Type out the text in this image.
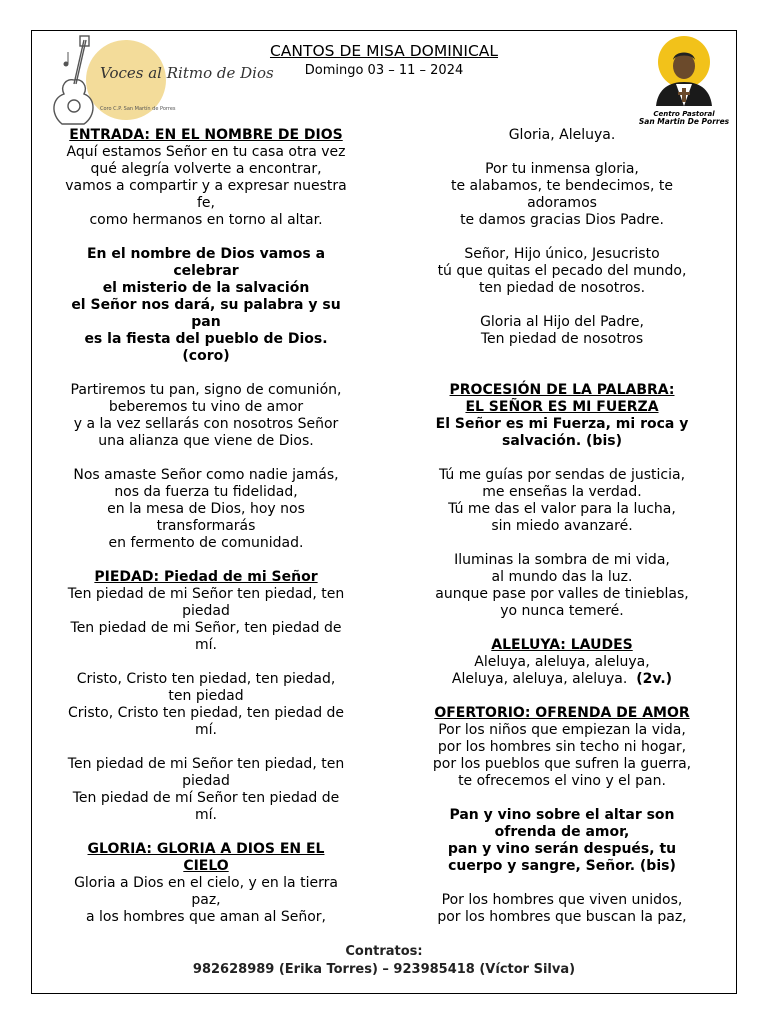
Voces al Ritmo de Dios
Coro C.P. San Martín de Porres
Centro Pastoral
San Martin De Porres
CANTOS DE MISA DOMINICAL
Domingo 03 – 11 – 2024
ENTRADA: EN EL NOMBRE DE DIOS
Aquí estamos Señor en tu casa otra vez
qué alegría volverte a encontrar,
vamos a compartir y a expresar nuestra
fe,
como hermanos en torno al altar.
En el nombre de Dios vamos a
celebrar
el misterio de la salvación
el Señor nos dará, su palabra y su
pan
es la fiesta del pueblo de Dios.
(coro)
Partiremos tu pan, signo de comunión,
beberemos tu vino de amor
y a la vez sellarás con nosotros Señor
una alianza que viene de Dios.
Nos amaste Señor como nadie jamás,
nos da fuerza tu fidelidad,
en la mesa de Dios, hoy nos
transformarás
en fermento de comunidad.
PIEDAD: Piedad de mi Señor
Ten piedad de mi Señor ten piedad, ten
piedad
Ten piedad de mi Señor, ten piedad de
mí.
Cristo, Cristo ten piedad, ten piedad,
ten piedad
Cristo, Cristo ten piedad, ten piedad de
mí.
Ten piedad de mi Señor ten piedad, ten
piedad
Ten piedad de mí Señor ten piedad de
mí.
GLORIA: GLORIA A DIOS EN EL
CIELO
Gloria a Dios en el cielo, y en la tierra
paz,
a los hombres que aman al Señor,
Gloria, Aleluya.
Por tu inmensa gloria,
te alabamos, te bendecimos, te
adoramos
te damos gracias Dios Padre.
Señor, Hijo único, Jesucristo
tú que quitas el pecado del mundo,
ten piedad de nosotros.
Gloria al Hijo del Padre,
Ten piedad de nosotros
PROCESIÓN DE LA PALABRA:
EL SEÑOR ES MI FUERZA
El Señor es mi Fuerza, mi roca y
salvación. (bis)
Tú me guías por sendas de justicia,
me enseñas la verdad.
Tú me das el valor para la lucha,
sin miedo avanzaré.
Iluminas la sombra de mi vida,
al mundo das la luz.
aunque pase por valles de tinieblas,
yo nunca temeré.
ALELUYA: LAUDES
Aleluya, aleluya, aleluya,
Aleluya, aleluya, aleluya. (2v.)
OFERTORIO: OFRENDA DE AMOR
Por los niños que empiezan la vida,
por los hombres sin techo ni hogar,
por los pueblos que sufren la guerra,
te ofrecemos el vino y el pan.
Pan y vino sobre el altar son
ofrenda de amor,
pan y vino serán después, tu
cuerpo y sangre, Señor. (bis)
Por los hombres que viven unidos,
por los hombres que buscan la paz,
Contratos:
982628989 (Erika Torres) – 923985418 (Víctor Silva)
